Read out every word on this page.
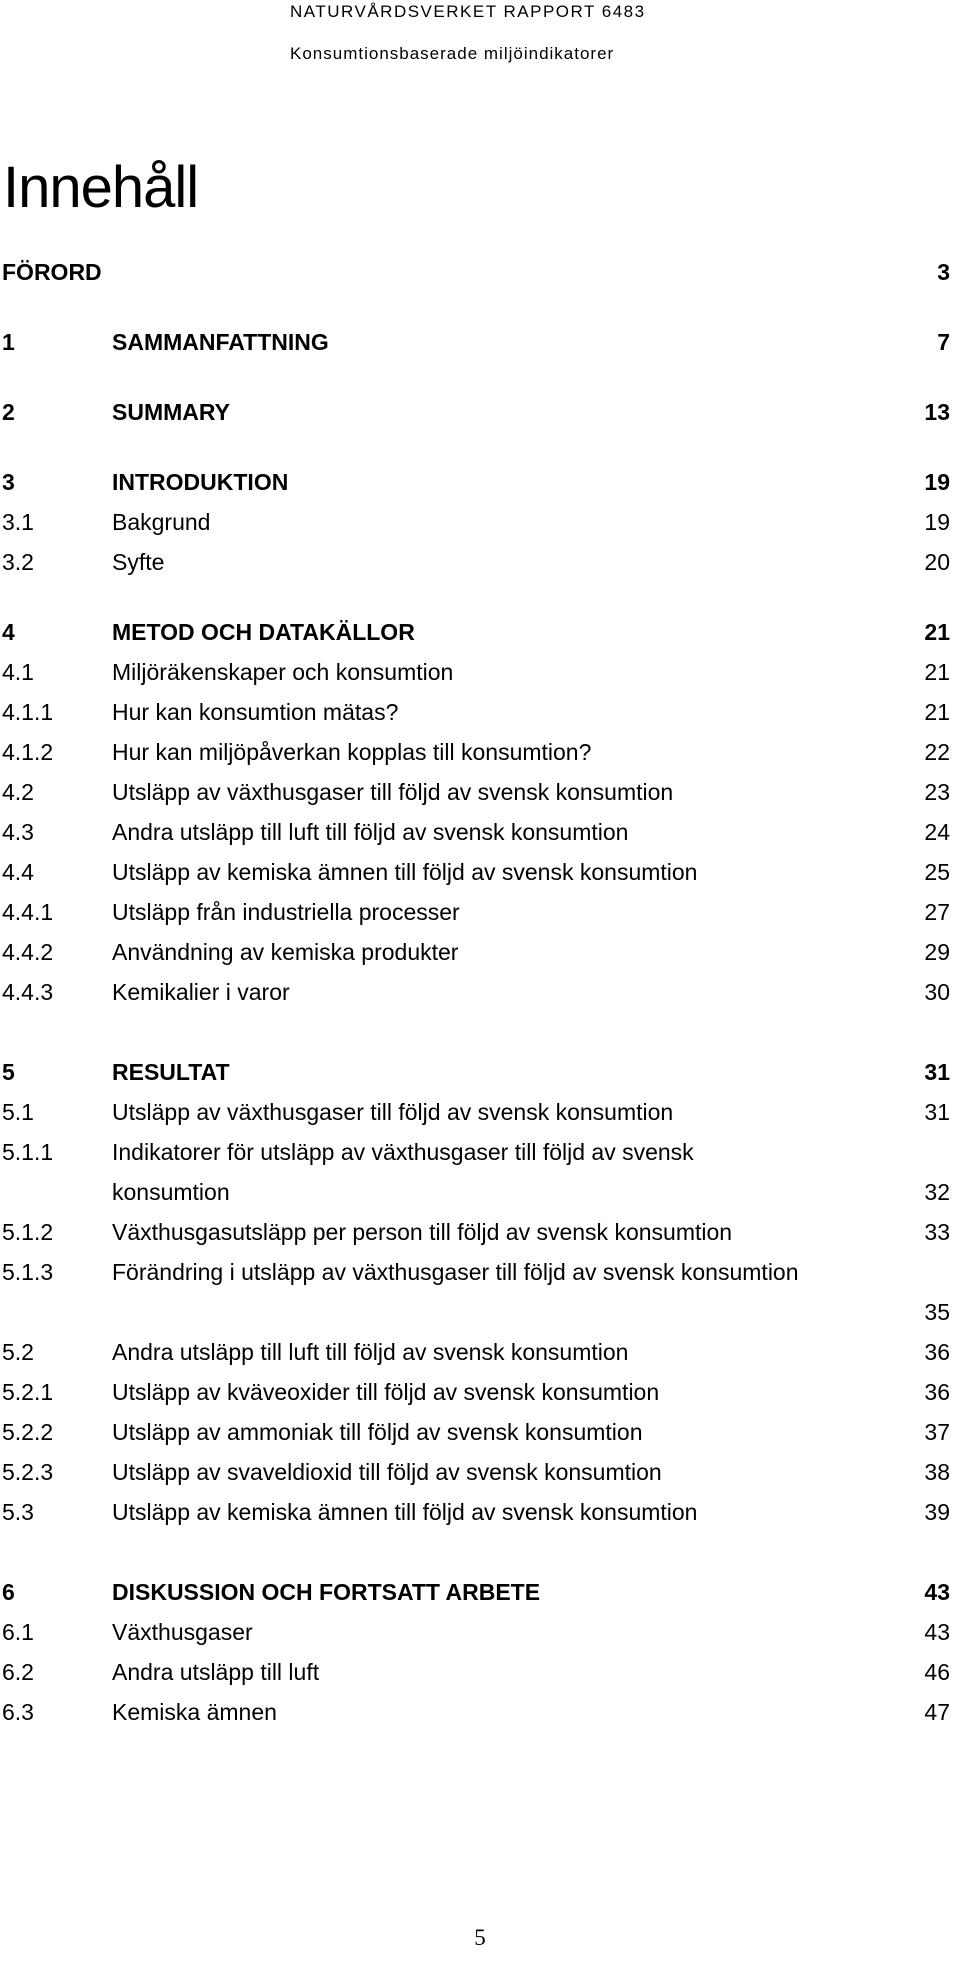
NATURVÅRDSVERKET RAPPORT 6483
Konsumtionsbaserade miljöindikatorer
Innehåll
FÖRORD	3
1	SAMMANFATTNING	7
2	SUMMARY	13
3	INTRODUKTION	19
3.1	Bakgrund	19
3.2	Syfte	20
4	METOD OCH DATAKÄLLOR	21
4.1	Miljöräkenskaper och konsumtion	21
4.1.1	Hur kan konsumtion mätas?	21
4.1.2	Hur kan miljöpåverkan kopplas till konsumtion?	22
4.2	Utsläpp av växthusgaser till följd av svensk konsumtion	23
4.3	Andra utsläpp till luft till följd av svensk konsumtion	24
4.4	Utsläpp av kemiska ämnen till följd av svensk konsumtion	25
4.4.1	Utsläpp från industriella processer	27
4.4.2	Användning av kemiska produkter	29
4.4.3	Kemikalier i varor	30
5	RESULTAT	31
5.1	Utsläpp av växthusgaser till följd av svensk konsumtion	31
5.1.1	Indikatorer för utsläpp av växthusgaser till följd av svensk konsumtion	32
5.1.2	Växthusgasutsläpp per person till följd av svensk konsumtion	33
5.1.3	Förändring i utsläpp av växthusgaser till följd av svensk konsumtion
35
5.2	Andra utsläpp till luft till följd av svensk konsumtion	36
5.2.1	Utsläpp av kväveoxider till följd av svensk konsumtion	36
5.2.2	Utsläpp av ammoniak till följd av svensk konsumtion	37
5.2.3	Utsläpp av svaveldioxid till följd av svensk konsumtion	38
5.3	Utsläpp av kemiska ämnen till följd av svensk konsumtion	39
6	DISKUSSION OCH FORTSATT ARBETE	43
6.1	Växthusgaser	43
6.2	Andra utsläpp till luft	46
6.3	Kemiska ämnen	47
5
